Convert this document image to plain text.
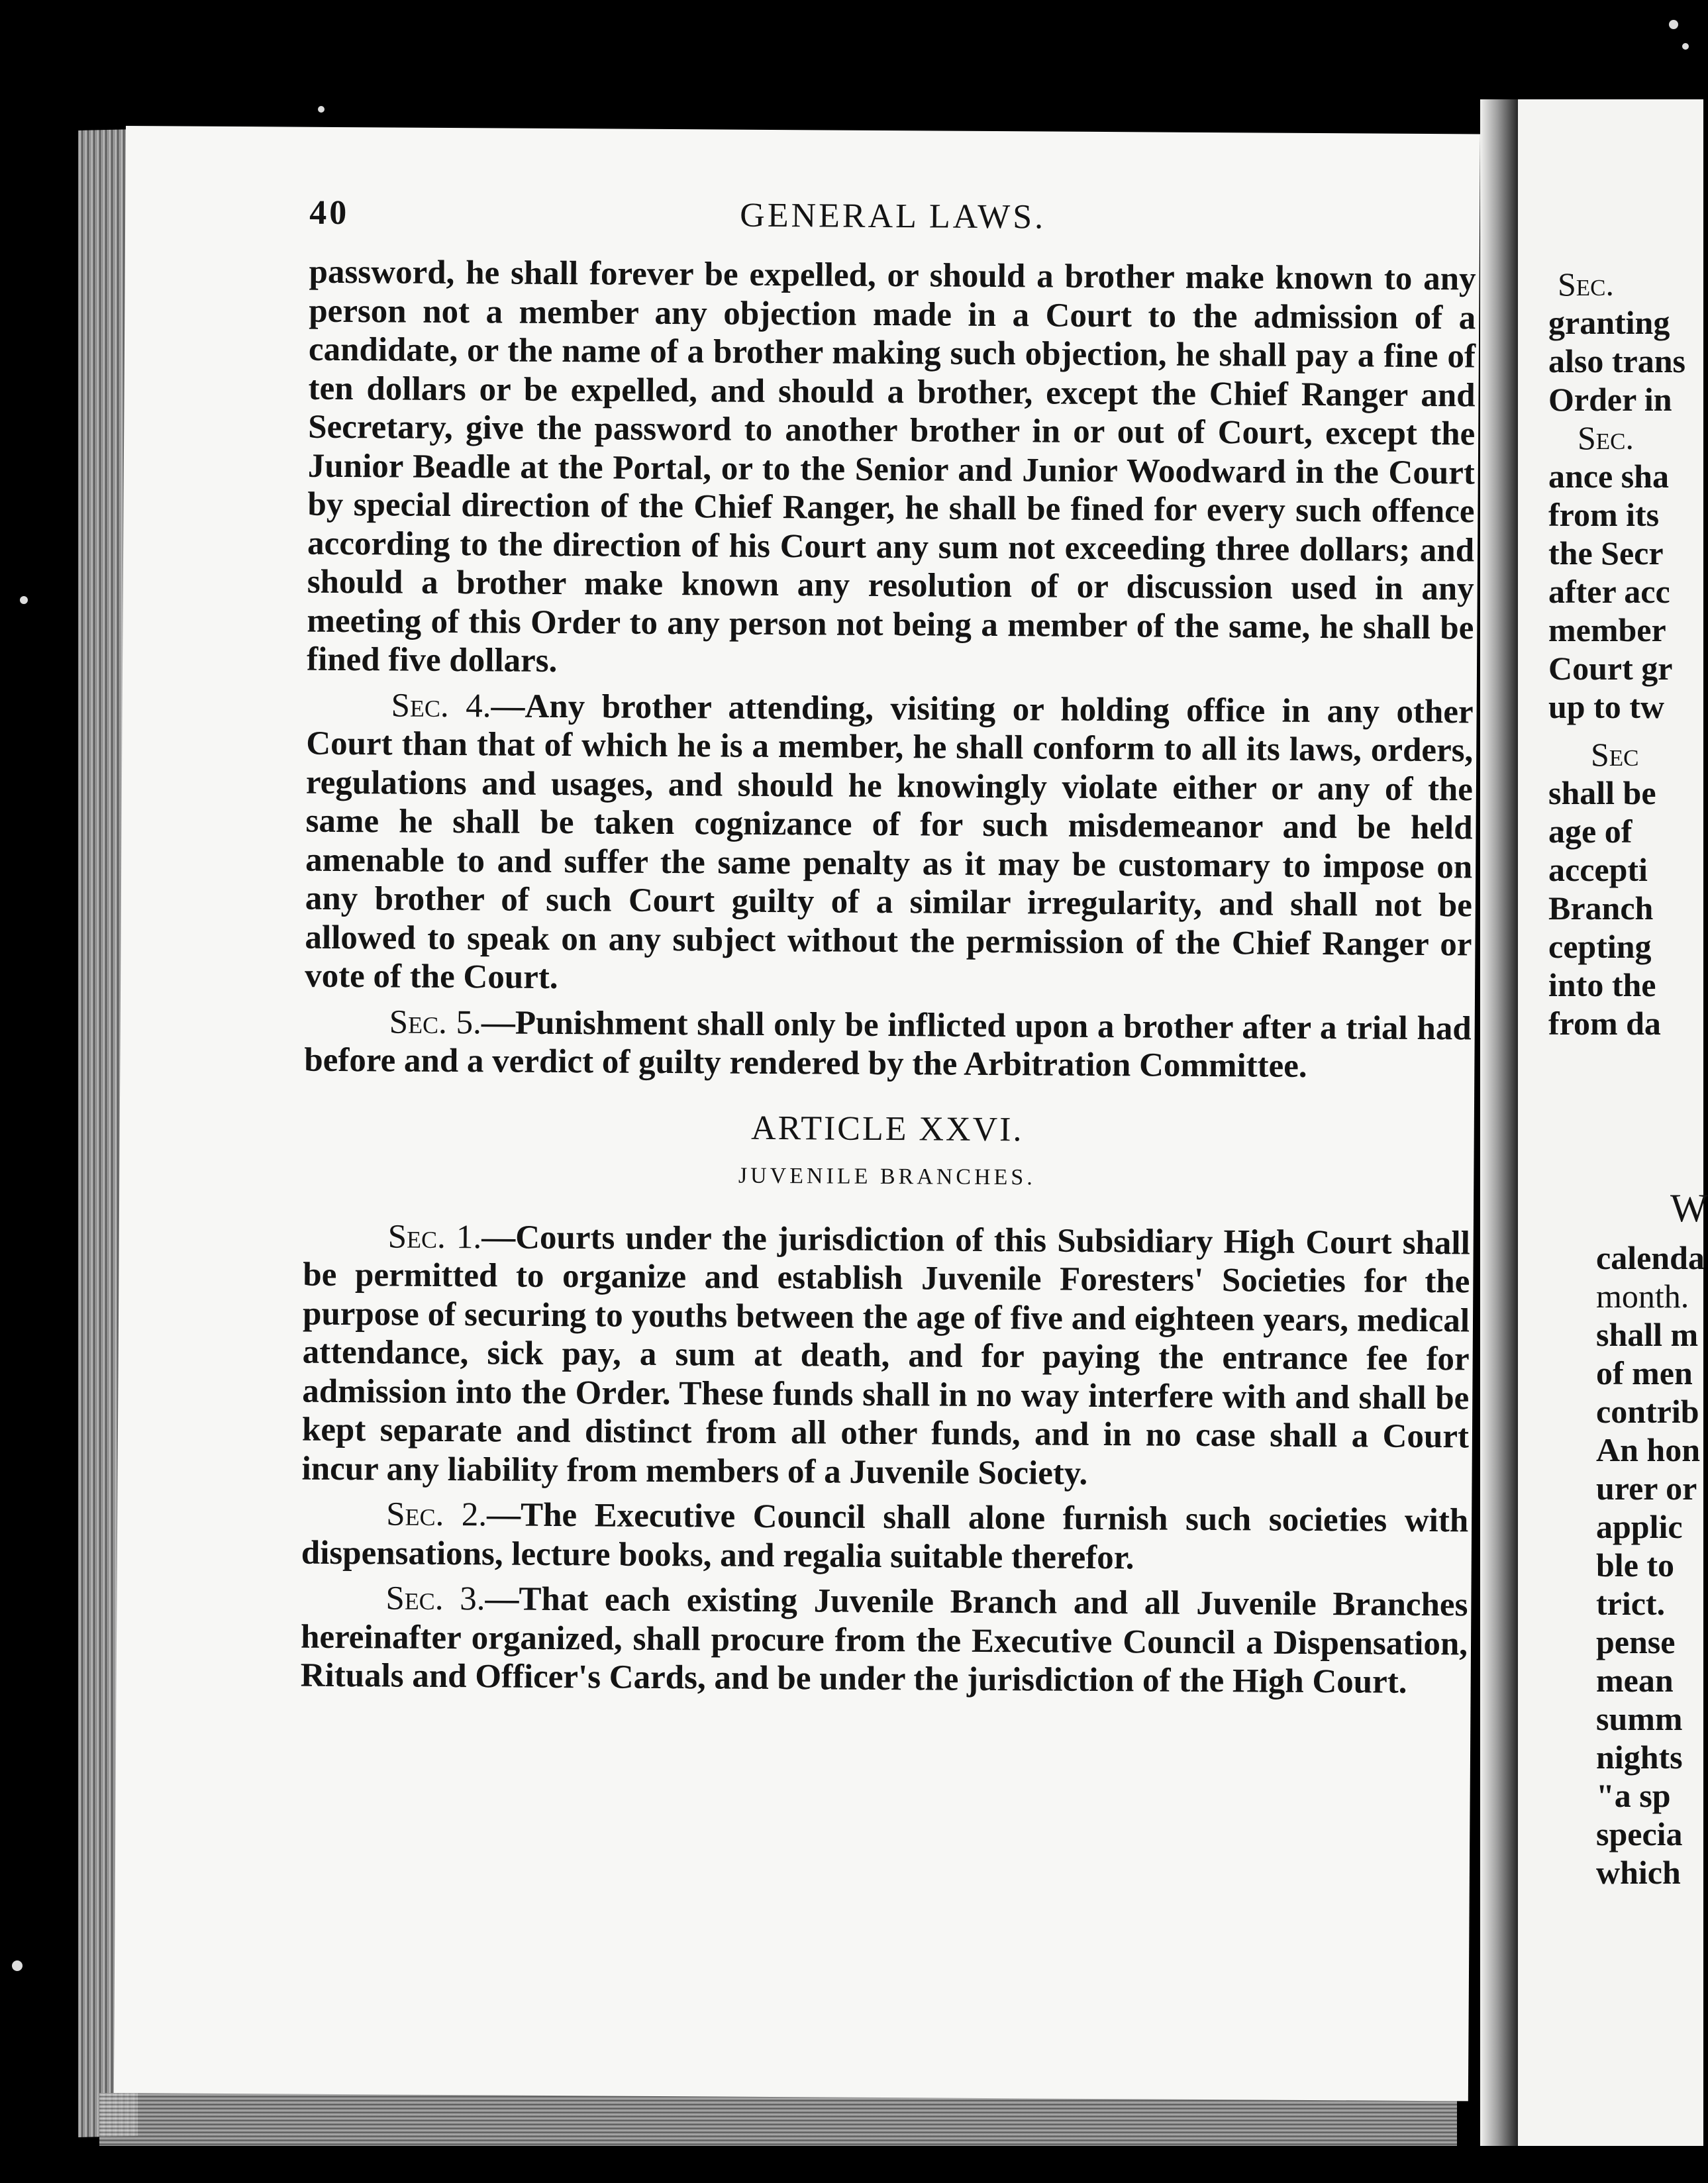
40	GENERAL LAWS.

password, he shall forever be expelled, or should a brother make known to any person not a member any objection made in a Court to the admission of a candidate, or the name of a brother making such objection, he shall pay a fine of ten dollars or be expelled, and should a brother, except the Chief Ranger and Secretary, give the password to another brother in or out of Court, except the Junior Beadle at the Portal, or to the Senior and Junior Woodward in the Court by special direction of the Chief Ranger, he shall be fined for every such offence according to the direction of his Court any sum not exceeding three dollars; and should a brother make known any resolution of or discussion used in any meeting of this Order to any person not being a member of the same, he shall be fined five dollars.

Sec. 4.—Any brother attending, visiting or holding office in any other Court than that of which he is a member, he shall conform to all its laws, orders, regulations and usages, and should he knowingly violate either or any of the same he shall be taken cognizance of for such misdemeanor and be held amenable to and suffer the same penalty as it may be customary to impose on any brother of such Court guilty of a similar irregularity, and shall not be allowed to speak on any subject without the permission of the Chief Ranger or vote of the Court.

Sec. 5.—Punishment shall only be inflicted upon a brother after a trial had before and a verdict of guilty rendered by the Arbitration Committee.

ARTICLE XXVI.
JUVENILE BRANCHES.

Sec. 1.—Courts under the jurisdiction of this Subsidiary High Court shall be permitted to organize and establish Juvenile Foresters' Societies for the purpose of securing to youths between the age of five and eighteen years, medical attendance, sick pay, a sum at death, and for paying the entrance fee for admission into the Order. These funds shall in no way interfere with and shall be kept separate and distinct from all other funds, and in no case shall a Court incur any liability from members of a Juvenile Society.

Sec. 2.—The Executive Council shall alone furnish such societies with dispensations, lecture books, and regalia suitable therefor.

Sec. 3.—That each existing Juvenile Branch and all Juvenile Branches hereinafter organized, shall procure from the Executive Council a Dispensation, Rituals and Officer's Cards, and be under the jurisdiction of the High Court.

Sec.
granting
also trans
Order in
Sec.
ance sha
from its
the Secr
after acc
member
Court gr
up to tw
Sec
shall be
age of
accepti
Branch
cepting
into the
from da
W
calenda
month.
shall m
of men
contrib
An hon
urer or
applic
ble to
trict.
pense
mean
summ
nights
"a sp
specia
which
